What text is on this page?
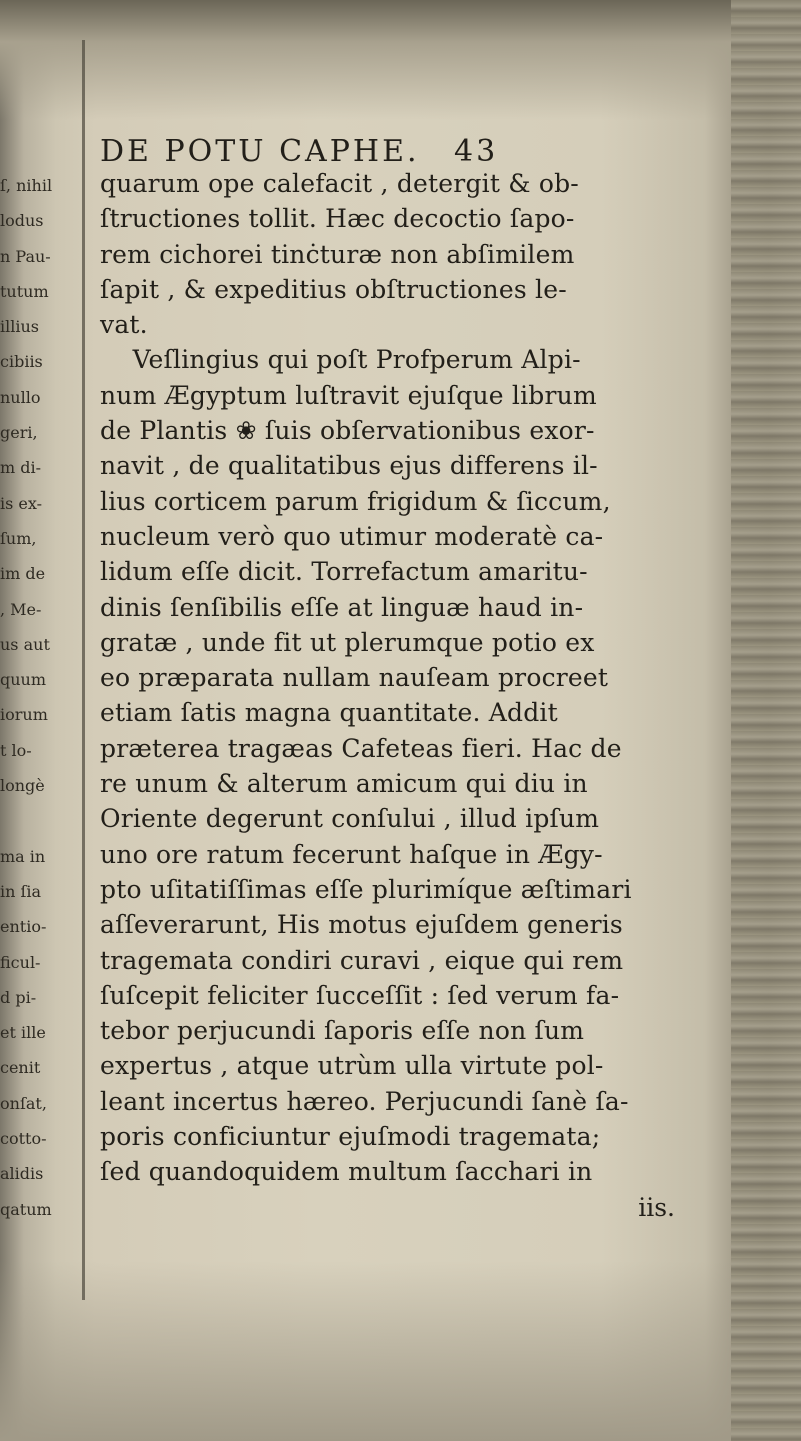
ſ, nihil
lodus
n Pau-
tutum
illius
cibiis
nullo
geri,
m di-
is ex-
ſum,
im de
, Me-
us aut
quum
iorum
t lo-
longè
ma in
in ſia
entio-
ficul-
d pi-
et ille
cenit
onſat,
cotto-
alidis
qatum
DE POTU CAPHE. 43
quarum ope calefacit , detergit & ob-
ſtructiones tollit. Hæc decoctio ſapo-
rem cichorei tinċturæ non abſimilem
ſapit , & expeditius obſtructiones le-
vat.
Veſlingius qui poſt Profperum Alpi-
num Ægyptum luſtravit ejuſque librum
de Plantis ❀ ſuis obſervationibus exor-
navit , de qualitatibus ejus differens il-
lius corticem parum frigidum & ſiccum,
nucleum verò quo utimur moderatè ca-
lidum eſſe dicit. Torrefactum amaritu-
dinis ſenſibilis eſſe at linguæ haud in-
gratæ , unde fit ut plerumque potio ex
eo præparata nullam nauſeam procreet
etiam ſatis magna quantitate. Addit
præterea tragæas Cafeteas fieri. Hac de
re unum & alterum amicum qui diu in
Oriente degerunt conſului , illud ipſum
uno ore ratum fecerunt haſque in Ægy-
pto uſitatiſſimas eſſe plurimíque æſtimari
aſſeverarunt, His motus ejuſdem generis
tragemata condiri curavi , eique qui rem
ſuſcepit feliciter ſucceſſit : ſed verum fa-
tebor perjucundi ſaporis eſſe non ſum
expertus , atque utrùm ulla virtute pol-
leant incertus hæreo. Perjucundi ſanè ſa-
poris conficiuntur ejuſmodi tragemata;
ſed quandoquidem multum ſacchari in
iis.
